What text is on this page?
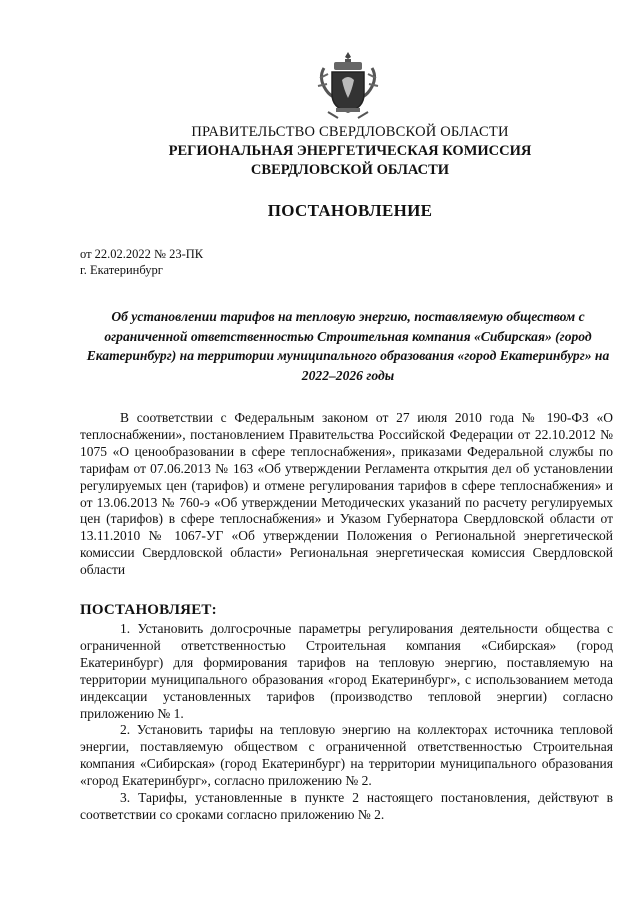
ПРАВИТЕЛЬСТВО СВЕРДЛОВСКОЙ ОБЛАСТИ
РЕГИОНАЛЬНАЯ ЭНЕРГЕТИЧЕСКАЯ КОМИССИЯ
СВЕРДЛОВСКОЙ ОБЛАСТИ
ПОСТАНОВЛЕНИЕ
от 22.02.2022 № 23-ПК
г. Екатеринбург
Об установлении тарифов на тепловую энергию, поставляемую обществом с ограниченной ответственностью Строительная компания «Сибирская» (город Екатеринбург) на территории муниципального образования «город Екатеринбург» на 2022–2026 годы

В соответствии с Федеральным законом от 27 июля 2010 года № 190-ФЗ «О теплоснабжении», постановлением Правительства Российской Федерации от 22.10.2012 № 1075 «О ценообразовании в сфере теплоснабжения», приказами Федеральной службы по тарифам от 07.06.2013 № 163 «Об утверждении Регламента открытия дел об установлении регулируемых цен (тарифов) и отмене регулирования тарифов в сфере теплоснабжения» и от 13.06.2013 № 760-э «Об утверждении Методических указаний по расчету регулируемых цен (тарифов) в сфере теплоснабжения» и Указом Губернатора Свердловской области от 13.11.2010 № 1067-УГ «Об утверждении Положения о Региональной энергетической комиссии Свердловской области» Региональная энергетическая комиссия Свердловской области

ПОСТАНОВЛЯЕТ:

1. Установить долгосрочные параметры регулирования деятельности общества с ограниченной ответственностью Строительная компания «Сибирская» (город Екатеринбург) для формирования тарифов на тепловую энергию, поставляемую на территории муниципального образования «город Екатеринбург», с использованием метода индексации установленных тарифов (производство тепловой энергии) согласно приложению № 1.

2. Установить тарифы на тепловую энергию на коллекторах источника тепловой энергии, поставляемую обществом с ограниченной ответственностью Строительная компания «Сибирская» (город Екатеринбург) на территории муниципального образования «город Екатеринбург», согласно приложению № 2.

3. Тарифы, установленные в пункте 2 настоящего постановления, действуют в соответствии со сроками согласно приложению № 2.
